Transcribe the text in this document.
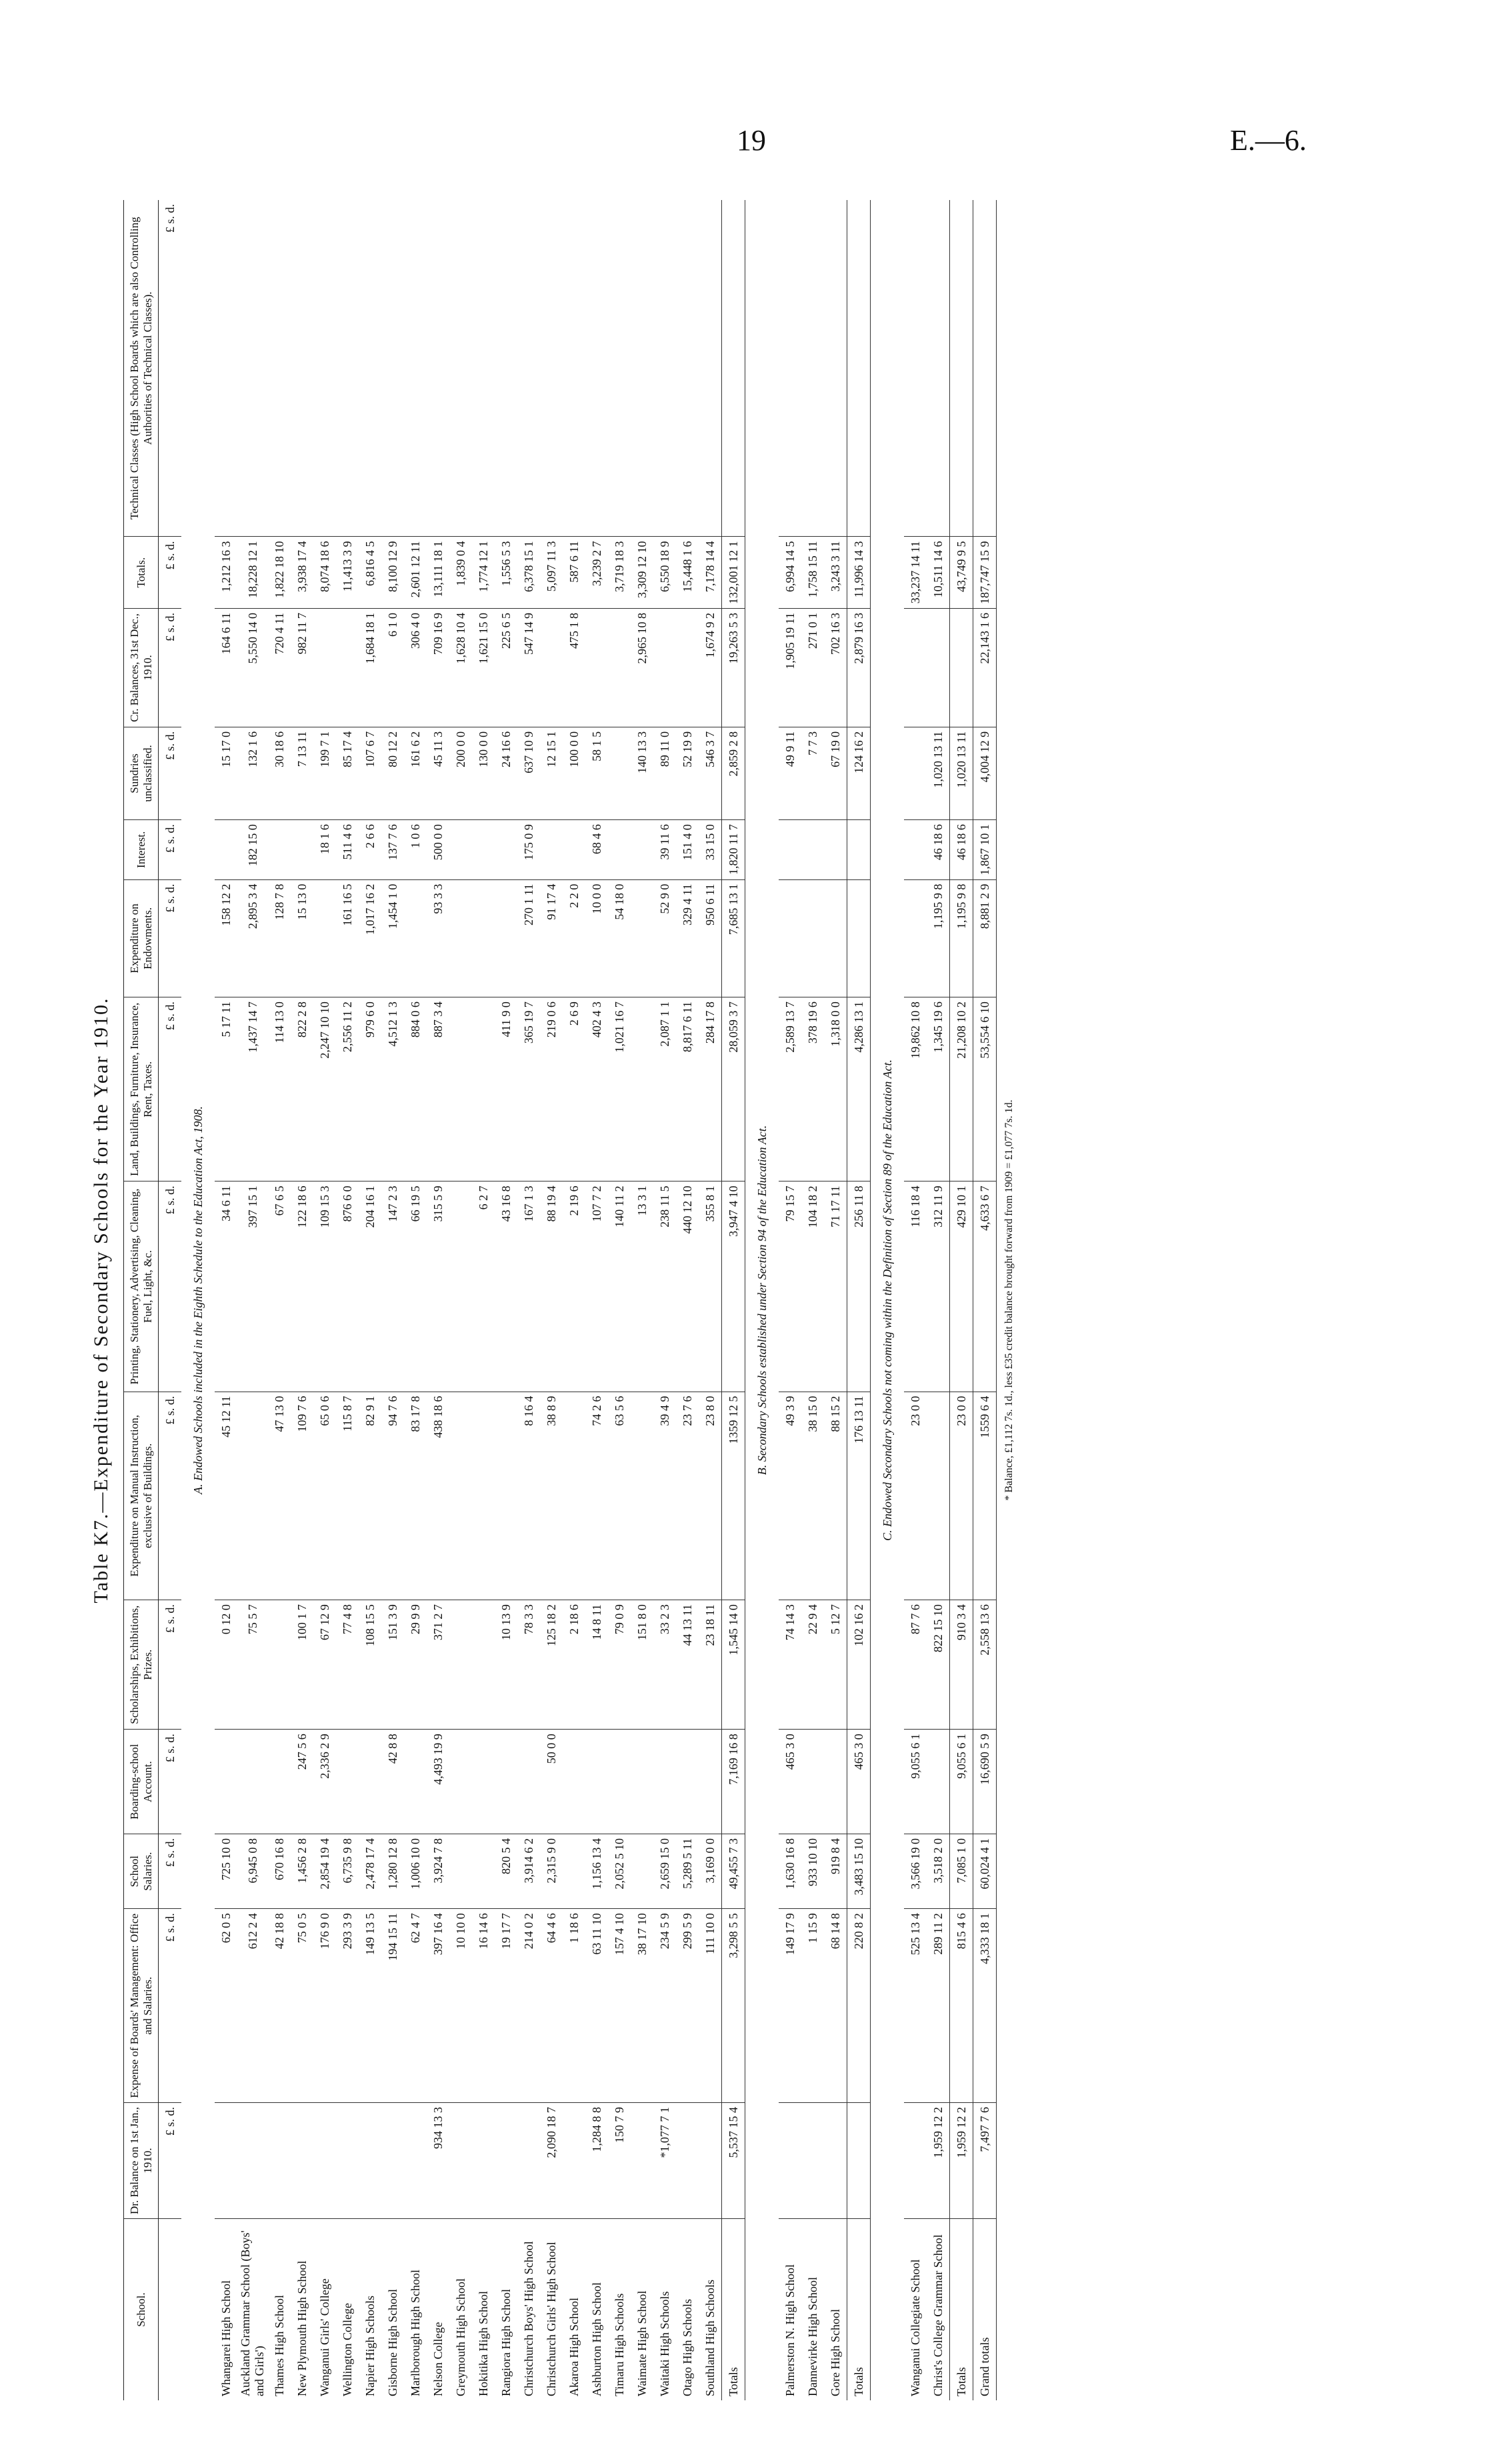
19	E.—6.
Table K7.—Expenditure of Secondary Schools for the Year 1910.
School.	Dr. Balance on 1st Jan., 1910.	Expense of Boards' Management: Office and Salaries.	School Salaries.	Boarding-school Account.	Scholarships, Exhibitions, Prizes.	Expenditure on Manual Instruction, exclusive of Buildings.	Printing, Stationery, Advertising, Cleaning, Fuel, Light, &c.	Land, Buildings, Furniture, Insurance, Rent, Taxes.	Expenditure on Endowments.	Interest.	Sundries unclassified.	Cr. Balances, 31st Dec., 1910.	Totals.	Technical Classes (High School Boards which are also Controlling Authorities of Technical Classes).
	£ s. d.	£ s. d.	£ s. d.	£ s. d.	£ s. d.	£ s. d.	£ s. d.	£ s. d.	£ s. d.	£ s. d.	£ s. d.	£ s. d.	£ s. d.	£ s. d.
A. Endowed Schools included in the Eighth Schedule to the Education Act, 1908.														
Whangarei High School		62 0 5	725 10 0		0 12 0	45 12 11	34 6 11	5 17 11	158 12 2		15 17 0	164 6 11	1,212 16 3	
Auckland Grammar School (Boys' and Girls')		612 2 4	6,945 0 8		75 5 7		397 15 1	1,437 14 7	2,895 3 4	182 15 0	132 1 6	5,550 14 0	18,228 12 1	
Thames High School		42 18 8	670 16 8			47 13 0	67 6 5	114 13 0	128 7 8		30 18 6	720 4 11	1,822 18 10	
New Plymouth High School		75 0 5	1,456 2 8	247 5 6	100 1 7	109 7 6	122 18 6	822 2 8	15 13 0		7 13 11	982 11 7	3,938 17 4	
Wanganui Girls' College		176 9 0	2,854 19 4	2,336 2 9	67 12 9	65 0 6	109 15 3	2,247 10 10		18 1 6	199 7 1		8,074 18 6	
Wellington College		293 3 9	6,735 9 8		77 4 8	115 8 7	876 6 0	2,556 11 2	161 16 5	511 4 6	85 17 4		11,413 3 9	
Napier High Schools		149 13 5	2,478 17 4		108 15 5	82 9 1	204 16 1	979 6 0	1,017 16 2	2 6 6	107 6 7	1,684 18 1	6,816 4 5	
Gisborne High School		194 15 11	1,280 12 8	42 8 8	151 3 9	94 7 6	147 2 3	4,512 1 3	1,454 1 0	137 7 6	80 12 2	6 1 0	8,100 12 9	
Marlborough High School		62 4 7	1,006 10 0		29 9 9	83 17 8	66 19 5	884 0 6		1 0 6	161 6 2	306 4 0	2,601 12 11	
Nelson College	934 13 3	397 16 4	3,924 7 8	4,493 19 9	371 2 7	438 18 6	315 5 9	887 3 4	93 3 3	500 0 0	45 11 3	709 16 9	13,111 18 1	
Greymouth High School		10 10 0									200 0 0	1,628 10 4	1,839 0 4	
Hokitika High School		16 14 6					6 2 7				130 0 0	1,621 15 0	1,774 12 1	
Rangiora High School		19 17 7	820 5 4		10 13 9		43 16 8	411 9 0			24 16 6	225 6 5	1,556 5 3	
Christchurch Boys' High School		214 0 2	3,914 6 2		78 3 3	8 16 4	167 1 3	365 19 7	270 1 11	175 0 9	637 10 9	547 14 9	6,378 15 1	
Christchurch Girls' High School	2,090 18 7	64 4 6	2,315 9 0	50 0 0	125 18 2	38 8 9	88 19 4	219 0 6	91 17 4		12 15 1		5,097 11 3	
Akaroa High School		1 18 6			2 18 6		2 19 6	2 6 9	2 2 0		100 0 0	475 1 8	587 6 11	
Ashburton High School	1,284 8 8	63 11 10	1,156 13 4		14 8 11	74 2 6	107 7 2	402 4 3	10 0 0	68 4 6	58 1 5		3,239 2 7	
Timaru High Schools	150 7 9	157 4 10	2,052 5 10		79 0 9	63 5 6	140 11 2	1,021 16 7	54 18 0				3,719 18 3	
Waimate High School		38 17 10			151 8 0		13 3 1				140 13 3	2,965 10 8	3,309 12 10	
Waitaki High Schools	*1,077 7 1	234 5 9	2,659 15 0		33 2 3	39 4 9	238 11 5	2,087 1 1	52 9 0	39 11 6	89 11 0		6,550 18 9	
Otago High Schools		299 5 9	5,289 5 11		44 13 11	23 7 6	440 12 10	8,817 6 11	329 4 11	151 4 0	52 19 9		15,448 1 6	
Southland High Schools		111 10 0	3,169 0 0		23 18 11	23 8 0	355 8 1	284 17 8	950 6 11	33 15 0	546 3 7	1,674 9 2	7,178 14 4	
Totals	5,537 15 4	3,298 5 5	49,455 7 3	7,169 16 8	1,545 14 0	1359 12 5	3,947 4 10	28,059 3 7	7,685 13 1	1,820 11 7	2,859 2 8	19,263 5 3	132,001 12 1	
B. Secondary Schools established under Section 94 of the Education Act.														
Palmerston N. High School		149 17 9	1,630 16 8	465 3 0	74 14 3	49 3 9	79 15 7	2,589 13 7			49 9 11	1,905 19 11	6,994 14 5	
Dannevirke High School		1 15 9	933 10 10		22 9 4	38 15 0	104 18 2	378 19 6			7 7 3	271 0 1	1,758 15 11	
Gore High School		68 14 8	919 8 4		5 12 7	88 15 2	71 17 11	1,318 0 0			67 19 0	702 16 3	3,243 3 11	
Totals		220 8 2	3,483 15 10	465 3 0	102 16 2	176 13 11	256 11 8	4,286 13 1			124 16 2	2,879 16 3	11,996 14 3	
C. Endowed Secondary Schools not coming within the Definition of Section 89 of the Education Act.														
Wanganui Collegiate School		525 13 4	3,566 19 0	9,055 6 1	87 7 6	23 0 0	116 18 4	19,862 10 8					33,237 14 11	
Christ's College Grammar School	1,959 12 2	289 11 2	3,518 2 0		822 15 10		312 11 9	1,345 19 6	1,195 9 8	46 18 6	1,020 13 11		10,511 14 6	
Totals	1,959 12 2	815 4 6	7,085 1 0	9,055 6 1	910 3 4	23 0 0	429 10 1	21,208 10 2	1,195 9 8	46 18 6	1,020 13 11		43,749 9 5	
Grand totals	7,497 7 6	4,333 18 1	60,024 4 1	16,690 5 9	2,558 13 6	1559 6 4	4,633 6 7	53,554 6 10	8,881 2 9	1,867 10 1	4,004 12 9	22,143 1 6	187,747 15 9	
* Balance, £1,112 7s. 1d., less £35 credit balance brought forward from 1909 = £1,077 7s. 1d.
